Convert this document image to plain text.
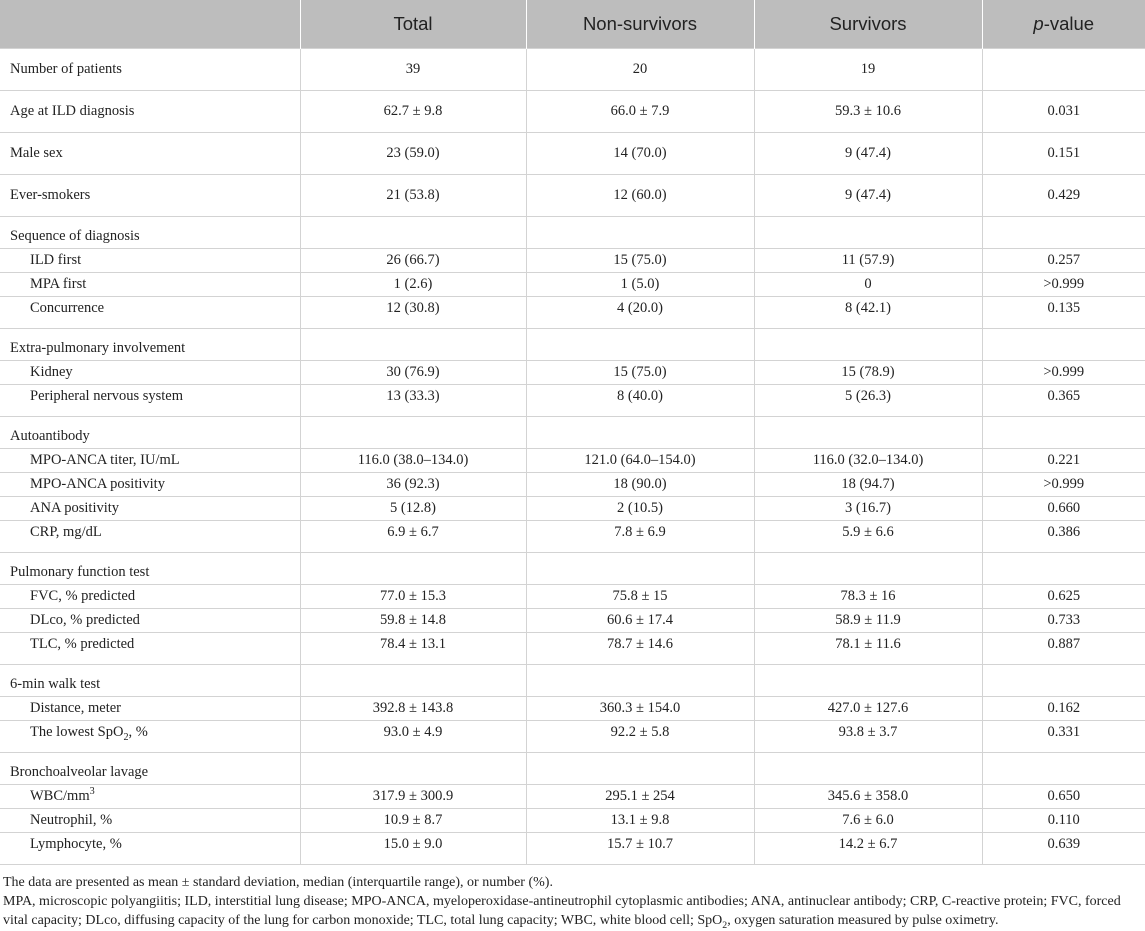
	Total	Non-survivors	Survivors	p-value
Number of patients	39	20	19	
Age at ILD diagnosis	62.7 ± 9.8	66.0 ± 7.9	59.3 ± 10.6	0.031
Male sex	23 (59.0)	14 (70.0)	9 (47.4)	0.151
Ever-smokers	21 (53.8)	12 (60.0)	9 (47.4)	0.429
Sequence of diagnosis				
ILD first	26 (66.7)	15 (75.0)	11 (57.9)	0.257
MPA first	1 (2.6)	1 (5.0)	0	>0.999
Concurrence	12 (30.8)	4 (20.0)	8 (42.1)	0.135
Extra-pulmonary involvement				
Kidney	30 (76.9)	15 (75.0)	15 (78.9)	>0.999
Peripheral nervous system	13 (33.3)	8 (40.0)	5 (26.3)	0.365
Autoantibody				
MPO-ANCA titer, IU/mL	116.0 (38.0–134.0)	121.0 (64.0–154.0)	116.0 (32.0–134.0)	0.221
MPO-ANCA positivity	36 (92.3)	18 (90.0)	18 (94.7)	>0.999
ANA positivity	5 (12.8)	2 (10.5)	3 (16.7)	0.660
CRP, mg/dL	6.9 ± 6.7	7.8 ± 6.9	5.9 ± 6.6	0.386
Pulmonary function test				
FVC, % predicted	77.0 ± 15.3	75.8 ± 15	78.3 ± 16	0.625
DLco, % predicted	59.8 ± 14.8	60.6 ± 17.4	58.9 ± 11.9	0.733
TLC, % predicted	78.4 ± 13.1	78.7 ± 14.6	78.1 ± 11.6	0.887
6-min walk test				
Distance, meter	392.8 ± 143.8	360.3 ± 154.0	427.0 ± 127.6	0.162
The lowest SpO$_2$, %	93.0 ± 4.9	92.2 ± 5.8	93.8 ± 3.7	0.331
Bronchoalveolar lavage				
WBC/$mm^3$	317.9 ± 300.9	295.1 ± 254	345.6 ± 358.0	0.650
Neutrophil, %	10.9 ± 8.7	13.1 ± 9.8	7.6 ± 6.0	0.110
Lymphocyte, %	15.0 ± 9.0	15.7 ± 10.7	14.2 ± 6.7	0.639

The data are presented as mean ± standard deviation, median (interquartile range), or number (%).

MPA, microscopic polyangiitis; ILD, interstitial lung disease; MPO-ANCA, myeloperoxidase-antineutrophil cytoplasmic antibodies; ANA, antinuclear antibody; CRP, C-reactive protein; FVC, forced vital capacity; DLco, diffusing capacity of the lung for carbon monoxide; TLC, total lung capacity; WBC, white blood cell; SpO$_2$, oxygen saturation measured by pulse oximetry.
